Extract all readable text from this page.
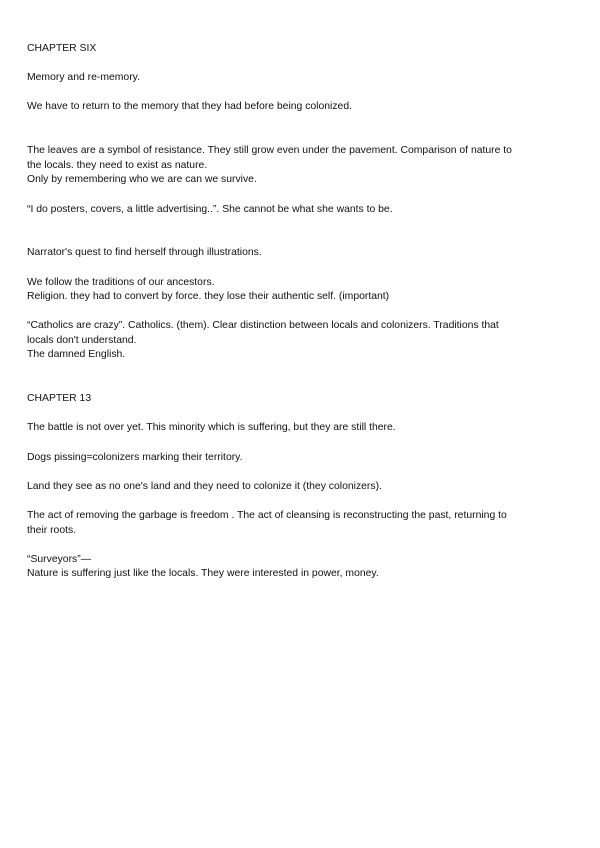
CHAPTER SIX
Memory and re-memory.
We have to return to the memory that they had before being colonized.
The leaves are a symbol of resistance. They still grow even under the pavement. Comparison of nature to
the locals. they need to exist as nature.
Only by remembering who we are can we survive.
“I do posters, covers, a little advertising..”. She cannot be what she wants to be.
Narrator's quest to find herself through illustrations.
We follow the traditions of our ancestors.
Religion. they had to convert by force. they lose their authentic self. (important)
“Catholics are crazy”. Catholics. (them). Clear distinction between locals and colonizers. Traditions that
locals don't understand.
The damned English.
CHAPTER 13
The battle is not over yet. This minority which is suffering, but they are still there.
Dogs pissing=colonizers marking their territory.
Land they see as no one's land and they need to colonize it (they colonizers).
The act of removing the garbage is freedom . The act of cleansing is reconstructing the past, returning to
their roots.
“Surveyors”—
Nature is suffering just like the locals. They were interested in power, money.
